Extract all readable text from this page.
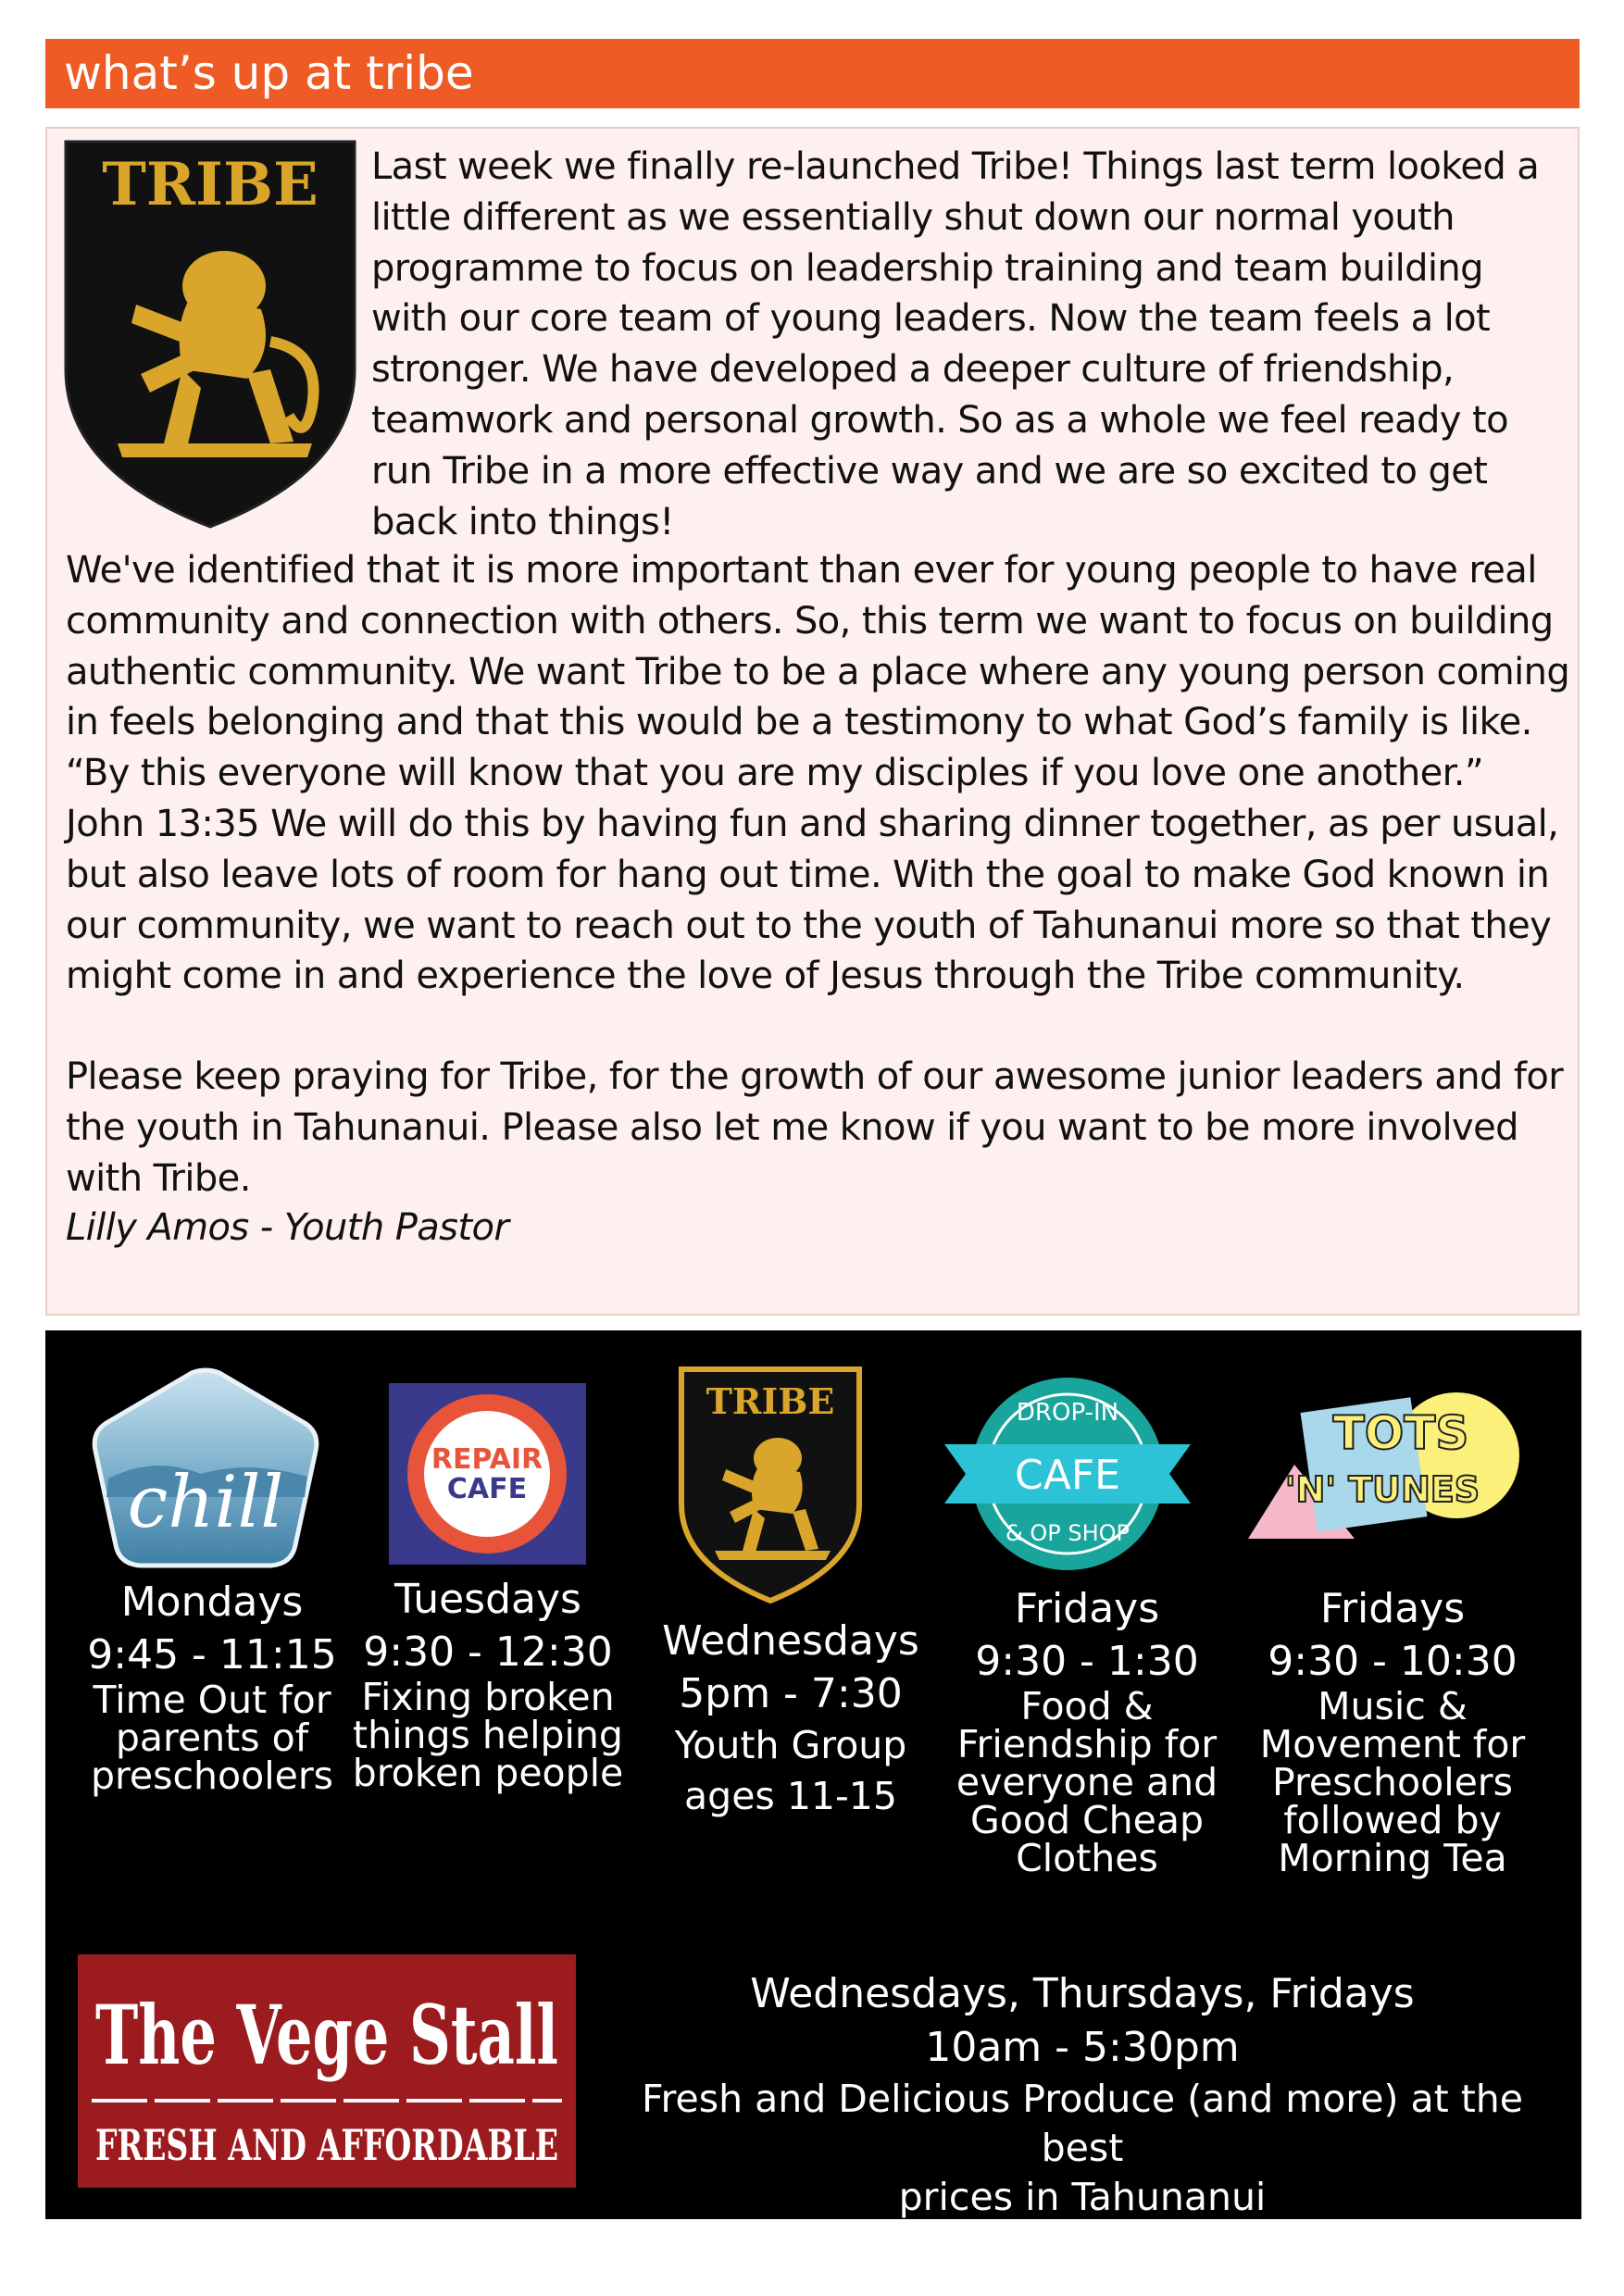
what’s up at tribe
TRIBE Last week we finally re-launched Tribe! Things last term looked a little different as we essentially shut down our normal youth programme to focus on leadership training and team building with our core team of young leaders. Now the team feels a lot stronger. We have developed a deeper culture of friendship, teamwork and personal growth. So as a whole we feel ready to run Tribe in a more effective way and we are so excited to get back into things!

We've identified that it is more important than ever for young people to have real community and connection with others. So, this term we want to focus on building authentic community. We want Tribe to be a place where any young person coming in feels belonging and that this would be a testimony to what God’s family is like. “By this everyone will know that you are my disciples if you love one another.” John 13:35 We will do this by having fun and sharing dinner together, as per usual, but also leave lots of room for hang out time. With the goal to make God known in our community, we want to reach out to the youth of Tahunanui more so that they might come in and experience the love of Jesus through the Tribe community.

Please keep praying for Tribe, for the growth of our awesome junior leaders and for the youth in Tahunanui. Please also let me know if you want to be more involved with Tribe.

Lilly Amos - Youth Pastor

chill
Mondays
9:45 - 11:15
Time Out for
parents of
preschoolers
REPAIR
CAFE
Tuesdays
9:30 - 12:30
Fixing broken
things helping
broken people
TRIBE
Wednesdays
5pm - 7:30
Youth Group
ages 11-15
DROP-IN
CAFE
& OP SHOP
Fridays
9:30 - 1:30
Food &
Friendship for
everyone and
Good Cheap
Clothes
TOTS
'N' TUNES
Fridays
9:30 - 10:30
Music &
Movement for
Preschoolers
followed by
Morning Tea
The Vege Stall
FRESH AND AFFORDABLE
Wednesdays, Thursdays, Fridays
10am - 5:30pm
Fresh and Delicious Produce (and more) at the best
prices in Tahunanui
